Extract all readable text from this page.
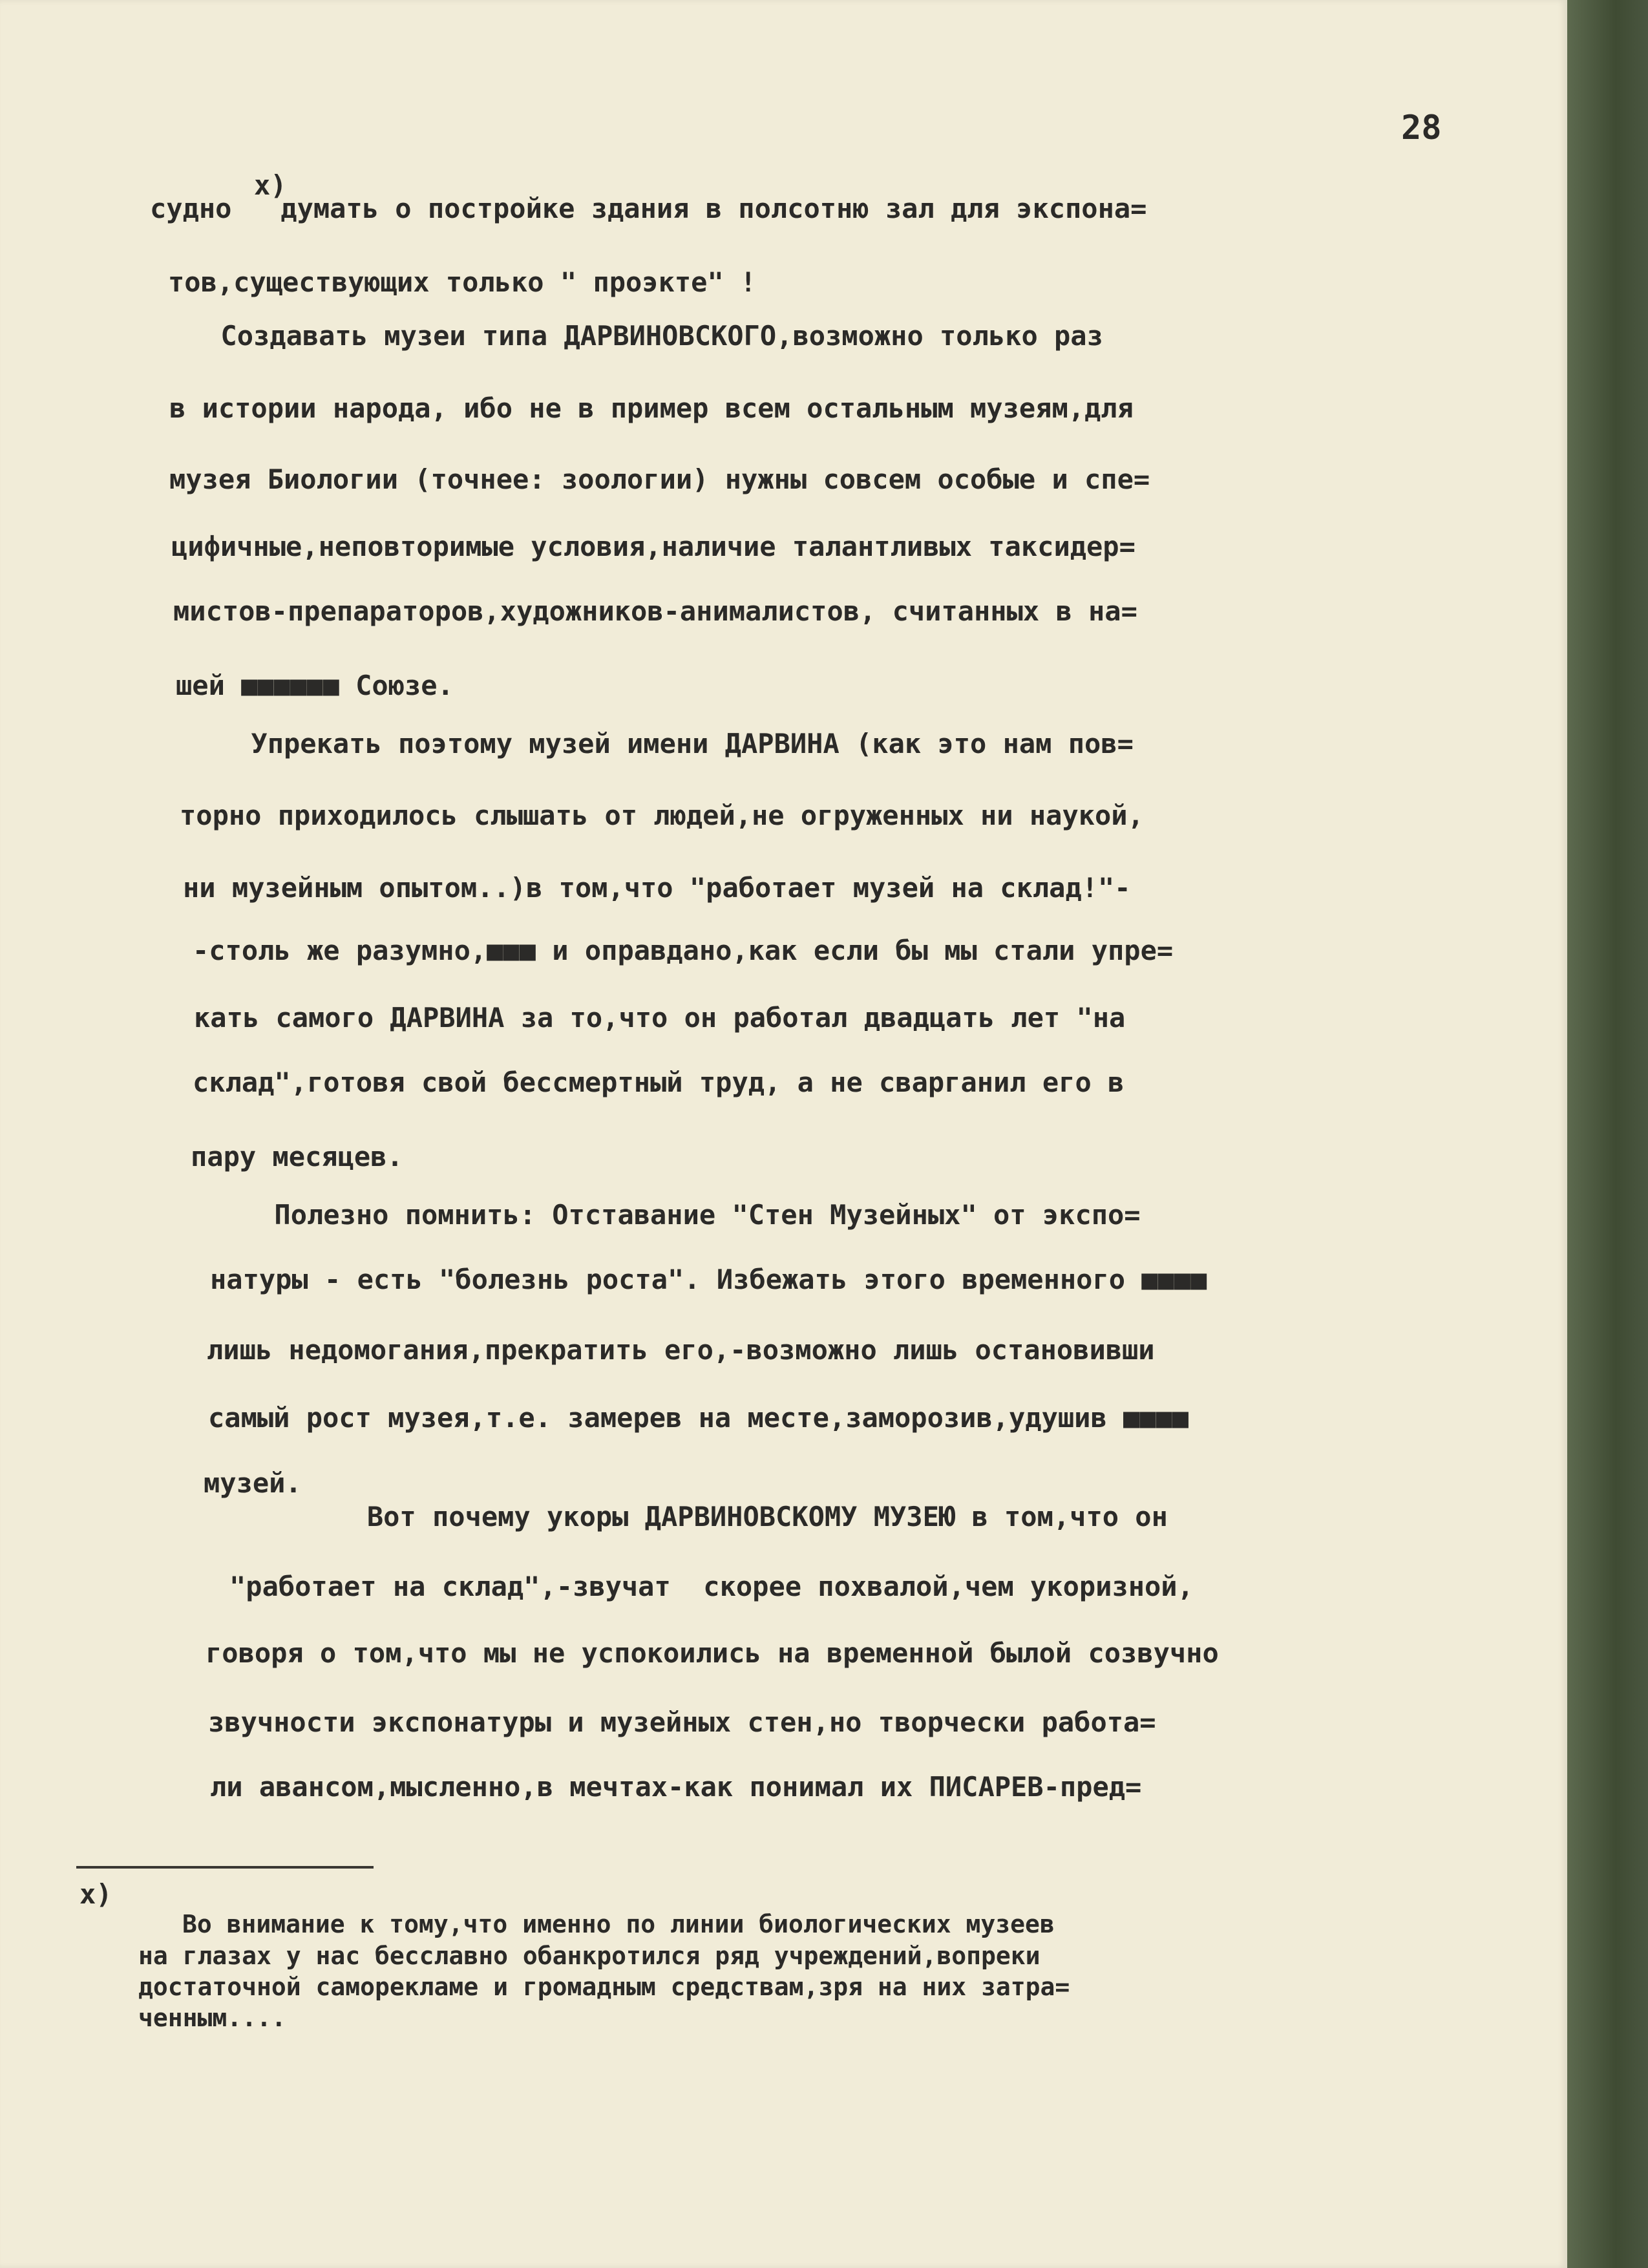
28
x)
судно   думать о постройке здания в полсотню зал для экспона=
тов,существующих только " проэкте" !
Создавать музеи типа ДАРВИНОВСКОГО,возможно только раз
в истории народа, ибо не в пример всем остальным музеям,для
музея Биологии (точнее: зоологии) нужны совсем особые и спе=
цифичные,неповторимые условия,наличие талантливых таксидер=
мистов-препараторов,художников-анималистов, считанных в на=
шей ■■■■■■ Союзе.
Упрекать поэтому музей имени ДАРВИНА (как это нам пов=
торно приходилось слышать от людей,не огруженных ни наукой,
ни музейным опытом..)в том,что "работает музей на склад!"-
-столь же разумно,■■■ и оправдано,как если бы мы стали упре=
кать самого ДАРВИНА за то,что он работал двадцать лет "на
склад",готовя свой бессмертный труд, а не сварганил его в
пару месяцев.
Полезно помнить: Отставание "Стен Музейных" от экспо=
натуры - есть "болезнь роста". Избежать этого временного ■■■■
лишь недомогания,прекратить его,-возможно лишь остановивши
самый рост музея,т.е. замерев на месте,заморозив,удушив ■■■■
музей.
Вот почему укоры ДАРВИНОВСКОМУ МУЗЕЮ в том,что он
"работает на склад",-звучат  скорее похвалой,чем укоризной,
говоря о том,что мы не успокоились на временной былой созвучно
звучности экспонатуры и музейных стен,но творчески работа=
ли авансом,мысленно,в мечтах-как понимал их ПИСАРЕВ-пред=
x)
Во внимание к тому,что именно по линии биологических музеев
на глазах у нас бесславно обанкротился ряд учреждений,вопреки
достаточной саморекламе и громадным средствам,зря на них затра=
ченным....
